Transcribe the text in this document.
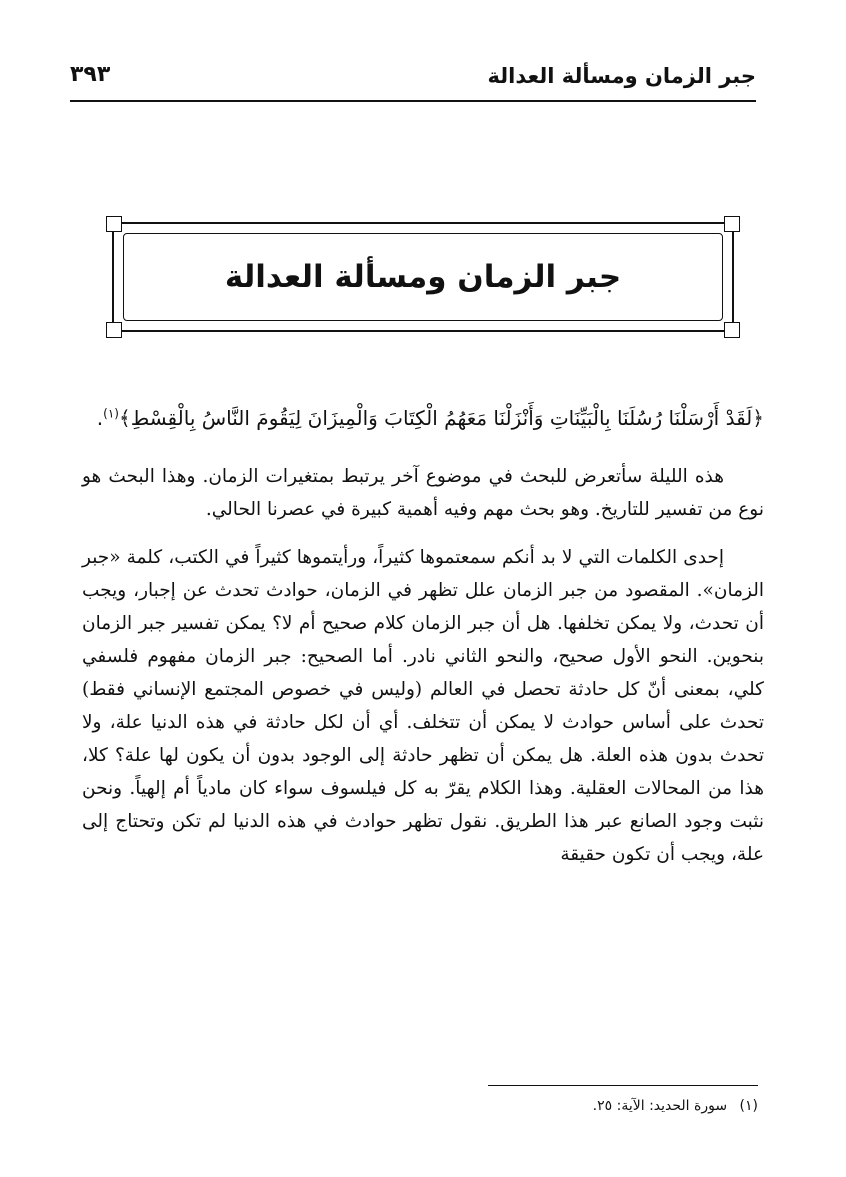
جبر الزمان ومسألة العدالة
٣٩٣
جبر الزمان ومسألة العدالة

﴿لَقَدْ أَرْسَلْنَا رُسُلَنَا بِالْبَيِّنَاتِ وَأَنْزَلْنَا مَعَهُمُ الْكِتَابَ وَالْمِيزَانَ لِيَقُومَ النَّاسُ بِالْقِسْطِ﴾$^{(١)}$.

هذه الليلة سأتعرض للبحث في موضوع آخر يرتبط بمتغيرات الزمان. وهذا البحث هو نوع من تفسير للتاريخ. وهو بحث مهم وفيه أهمية كبيرة في عصرنا الحالي.

إحدى الكلمات التي لا بد أنكم سمعتموها كثيراً، ورأيتموها كثيراً في الكتب، كلمة «جبر الزمان». المقصود من جبر الزمان علل تظهر في الزمان، حوادث تحدث عن إجبار، ويجب أن تحدث، ولا يمكن تخلفها. هل أن جبر الزمان كلام صحيح أم لا؟ يمكن تفسير جبر الزمان بنحوين. النحو الأول صحيح، والنحو الثاني نادر. أما الصحيح: جبر الزمان مفهوم فلسفي كلي، بمعنى أنّ كل حادثة تحصل في العالم (وليس في خصوص المجتمع الإنساني فقط) تحدث على أساس حوادث لا يمكن أن تتخلف. أي أن لكل حادثة في هذه الدنيا علة، ولا تحدث بدون هذه العلة. هل يمكن أن تظهر حادثة إلى الوجود بدون أن يكون لها علة؟ كلا، هذا من المحالات العقلية. وهذا الكلام يقرّ به كل فيلسوف سواء كان مادياً أم إلهياً. ونحن نثبت وجود الصانع عبر هذا الطريق. نقول تظهر حوادث في هذه الدنيا لم تكن وتحتاج إلى علة، ويجب أن تكون حقيقة

(١) سورة الحديد: الآية: ٢٥.
